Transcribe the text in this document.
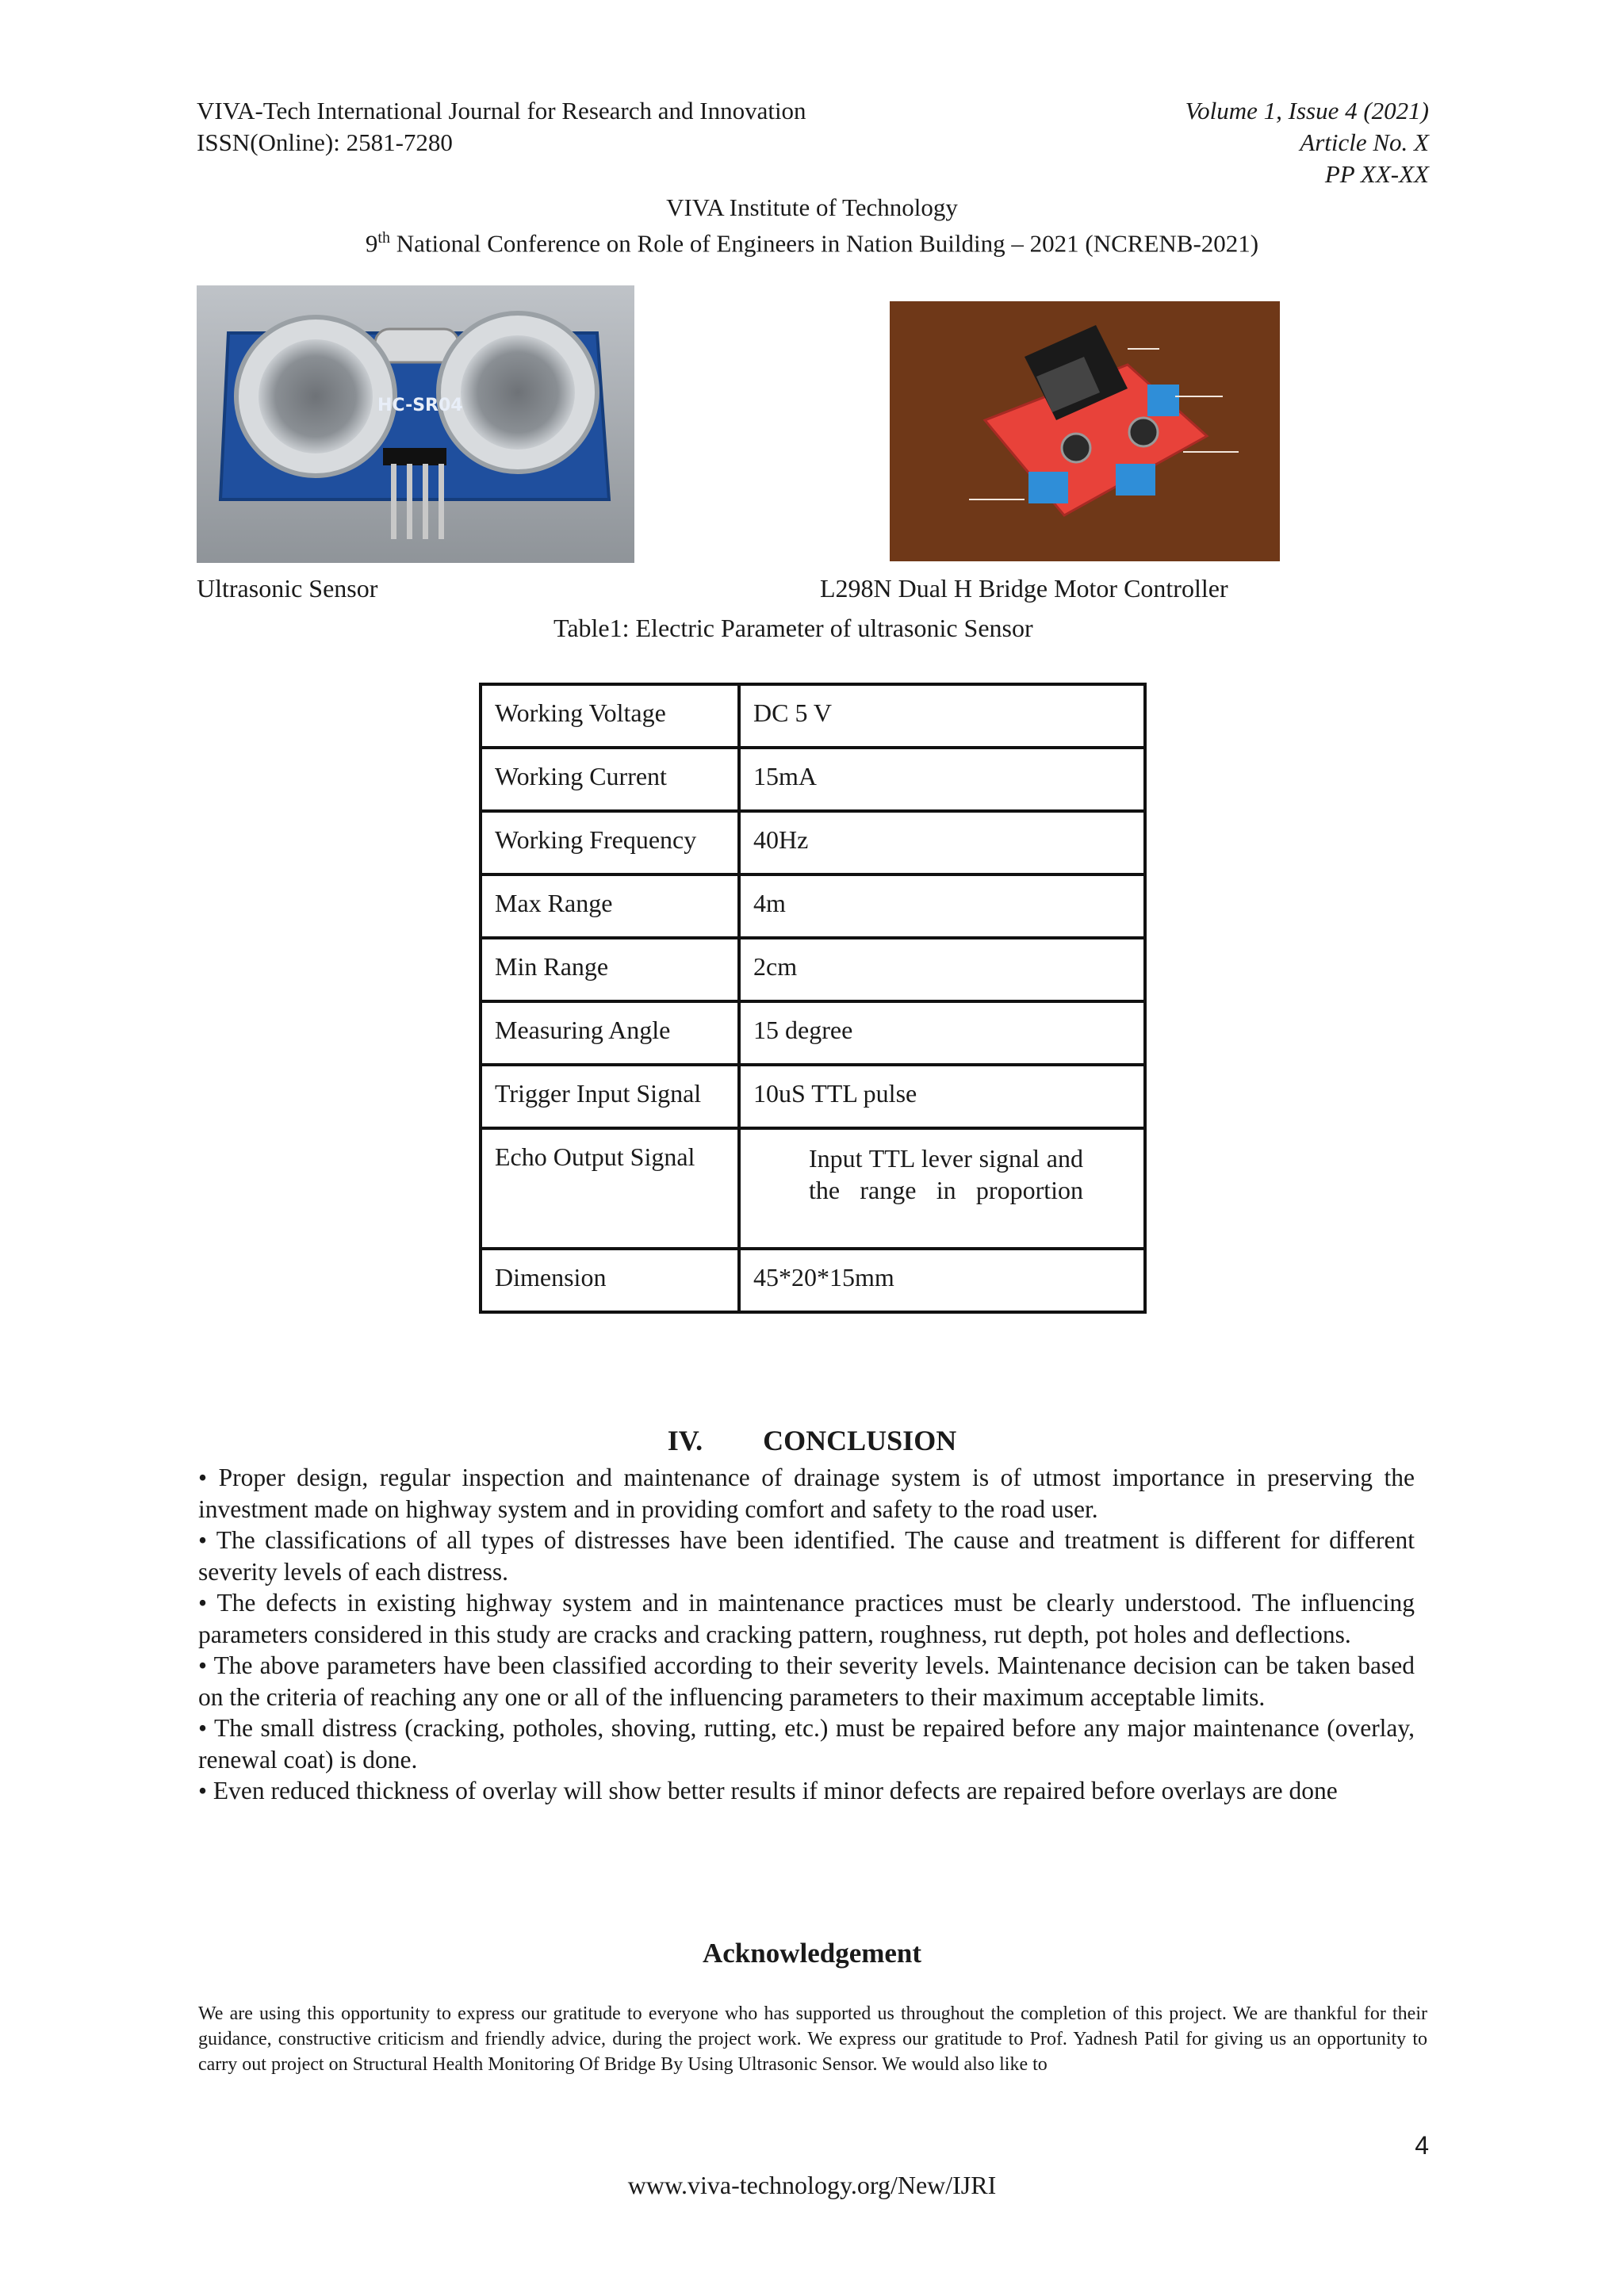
VIVA-Tech International Journal for Research and Innovation
ISSN(Online): 2581-7280
Volume 1, Issue 4 (2021)
Article No. X
PP XX-XX
VIVA Institute of Technology
9th National Conference on Role of Engineers in Nation Building – 2021 (NCRENB-2021)
HC-SR04
Ultrasonic Sensor	L298N Dual H Bridge Motor Controller
Table1: Electric Parameter of ultrasonic Sensor
Working Voltage	DC 5 V
Working Current	15mA
Working Frequency	40Hz
Max Range	4m
Min Range	2cm
Measuring Angle	15 degree
Trigger Input Signal	10uS TTL pulse
Echo Output Signal	Input TTL lever signal and the range in proportion

Dimension	45*20*15mm
IV. CONCLUSION

• Proper design, regular inspection and maintenance of drainage system is of utmost importance in preserving the investment made on highway system and in providing comfort and safety to the road user.

• The classifications of all types of distresses have been identified. The cause and treatment is different for different severity levels of each distress.

• The defects in existing highway system and in maintenance practices must be clearly understood. The influencing parameters considered in this study are cracks and cracking pattern, roughness, rut depth, pot holes and deflections.

• The above parameters have been classified according to their severity levels. Maintenance decision can be taken based on the criteria of reaching any one or all of the influencing parameters to their maximum acceptable limits.

• The small distress (cracking, potholes, shoving, rutting, etc.) must be repaired before any major maintenance (overlay, renewal coat) is done.

• Even reduced thickness of overlay will show better results if minor defects are repaired before overlays are done

Acknowledgement

We are using this opportunity to express our gratitude to everyone who has supported us throughout the completion of this project. We are thankful for their guidance, constructive criticism and friendly advice, during the project work. We express our gratitude to Prof. Yadnesh Patil for giving us an opportunity to carry out project on Structural Health Monitoring Of Bridge By Using Ultrasonic Sensor. We would also like to

4
www.viva-technology.org/New/IJRI
